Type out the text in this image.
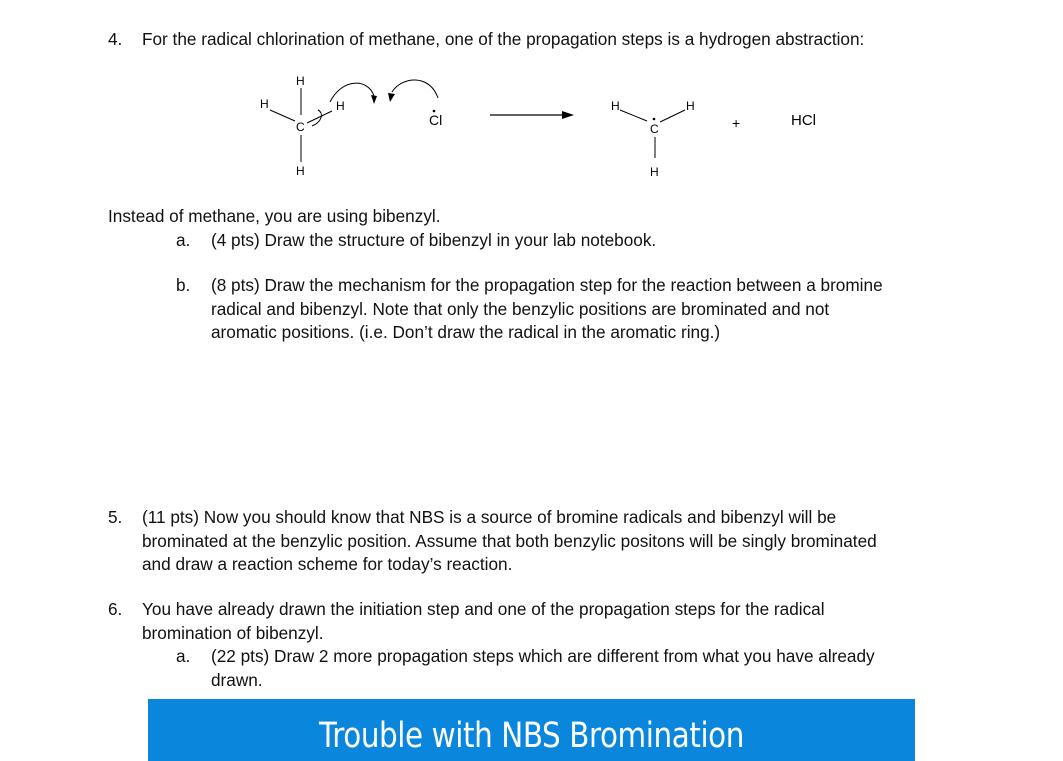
4. For the radical chlorination of methane, one of the propagation steps is a hydrogen abstraction:

H
H	H
C
H
Cl
H	H
C
H
+	HCl

Instead of methane, you are using bibenzyl.

a. (4 pts) Draw the structure of bibenzyl in your lab notebook.

b. (8 pts) Draw the mechanism for the propagation step for the reaction between a bromine

radical and bibenzyl. Note that only the benzylic positions are brominated and not

aromatic positions. (i.e. Don’t draw the radical in the aromatic ring.)

5. (11 pts) Now you should know that NBS is a source of bromine radicals and bibenzyl will be

brominated at the benzylic position. Assume that both benzylic positons will be singly brominated

and draw a reaction scheme for today’s reaction.

6. You have already drawn the initiation step and one of the propagation steps for the radical

bromination of bibenzyl.

a. (22 pts) Draw 2 more propagation steps which are different from what you have already

drawn.

Trouble with NBS Bromination
